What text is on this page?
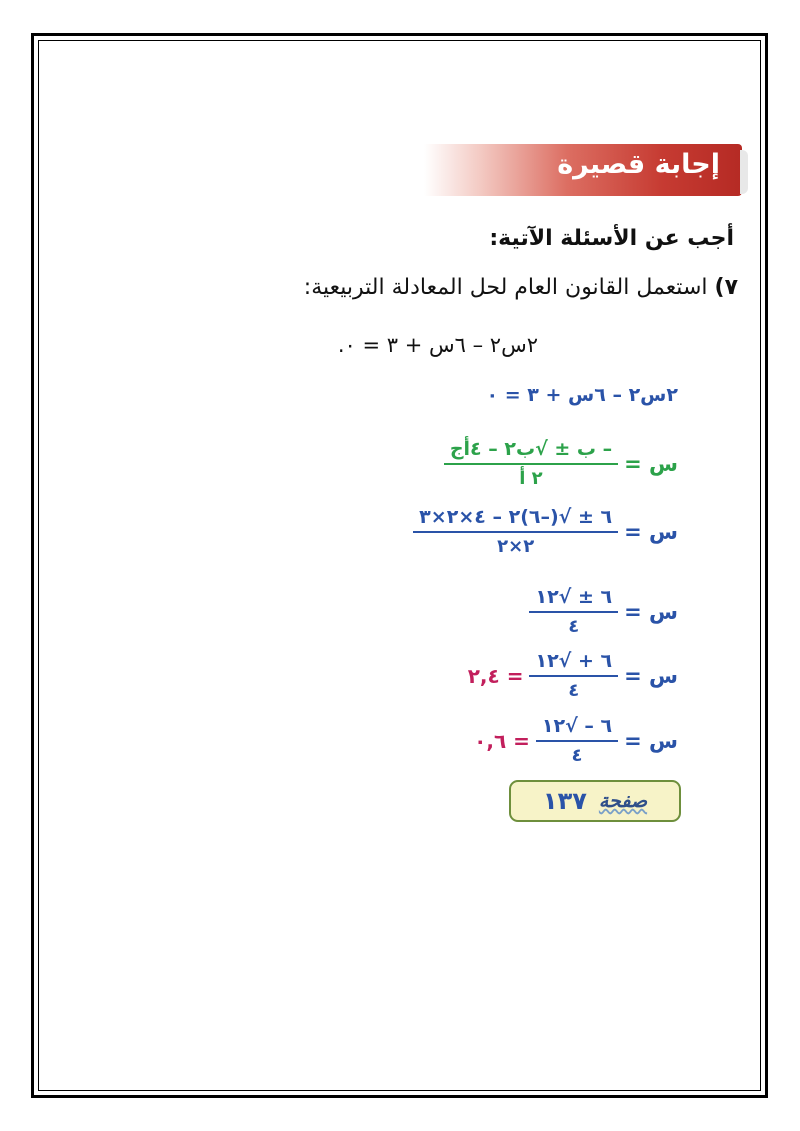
إجابة قصيرة
أجب عن الأسئلة الآتية:
٧) استعمل القانون العام لحل المعادلة التربيعية:
٢س٢ – ٦س + ٣ = ٠.
٢س٢ – ٦س + ٣ = ٠
$\frac{\text{– ب ± √ب٢ – ٤أج}}{\text{٢ أ}}$ س =
$\frac{٦ \pm √(-٦)٢ - ٤\times ٢\times ٣}{٢\times ٢}$ س =
$\frac{٦ \pm √١٢}{٤}$ س =
= ٢,٤ $\frac{٦ + √١٢}{٤}$ س =
= ٠,٦ $\frac{٦ - √١٢}{٤}$ س =
صفحة
١٣٧
